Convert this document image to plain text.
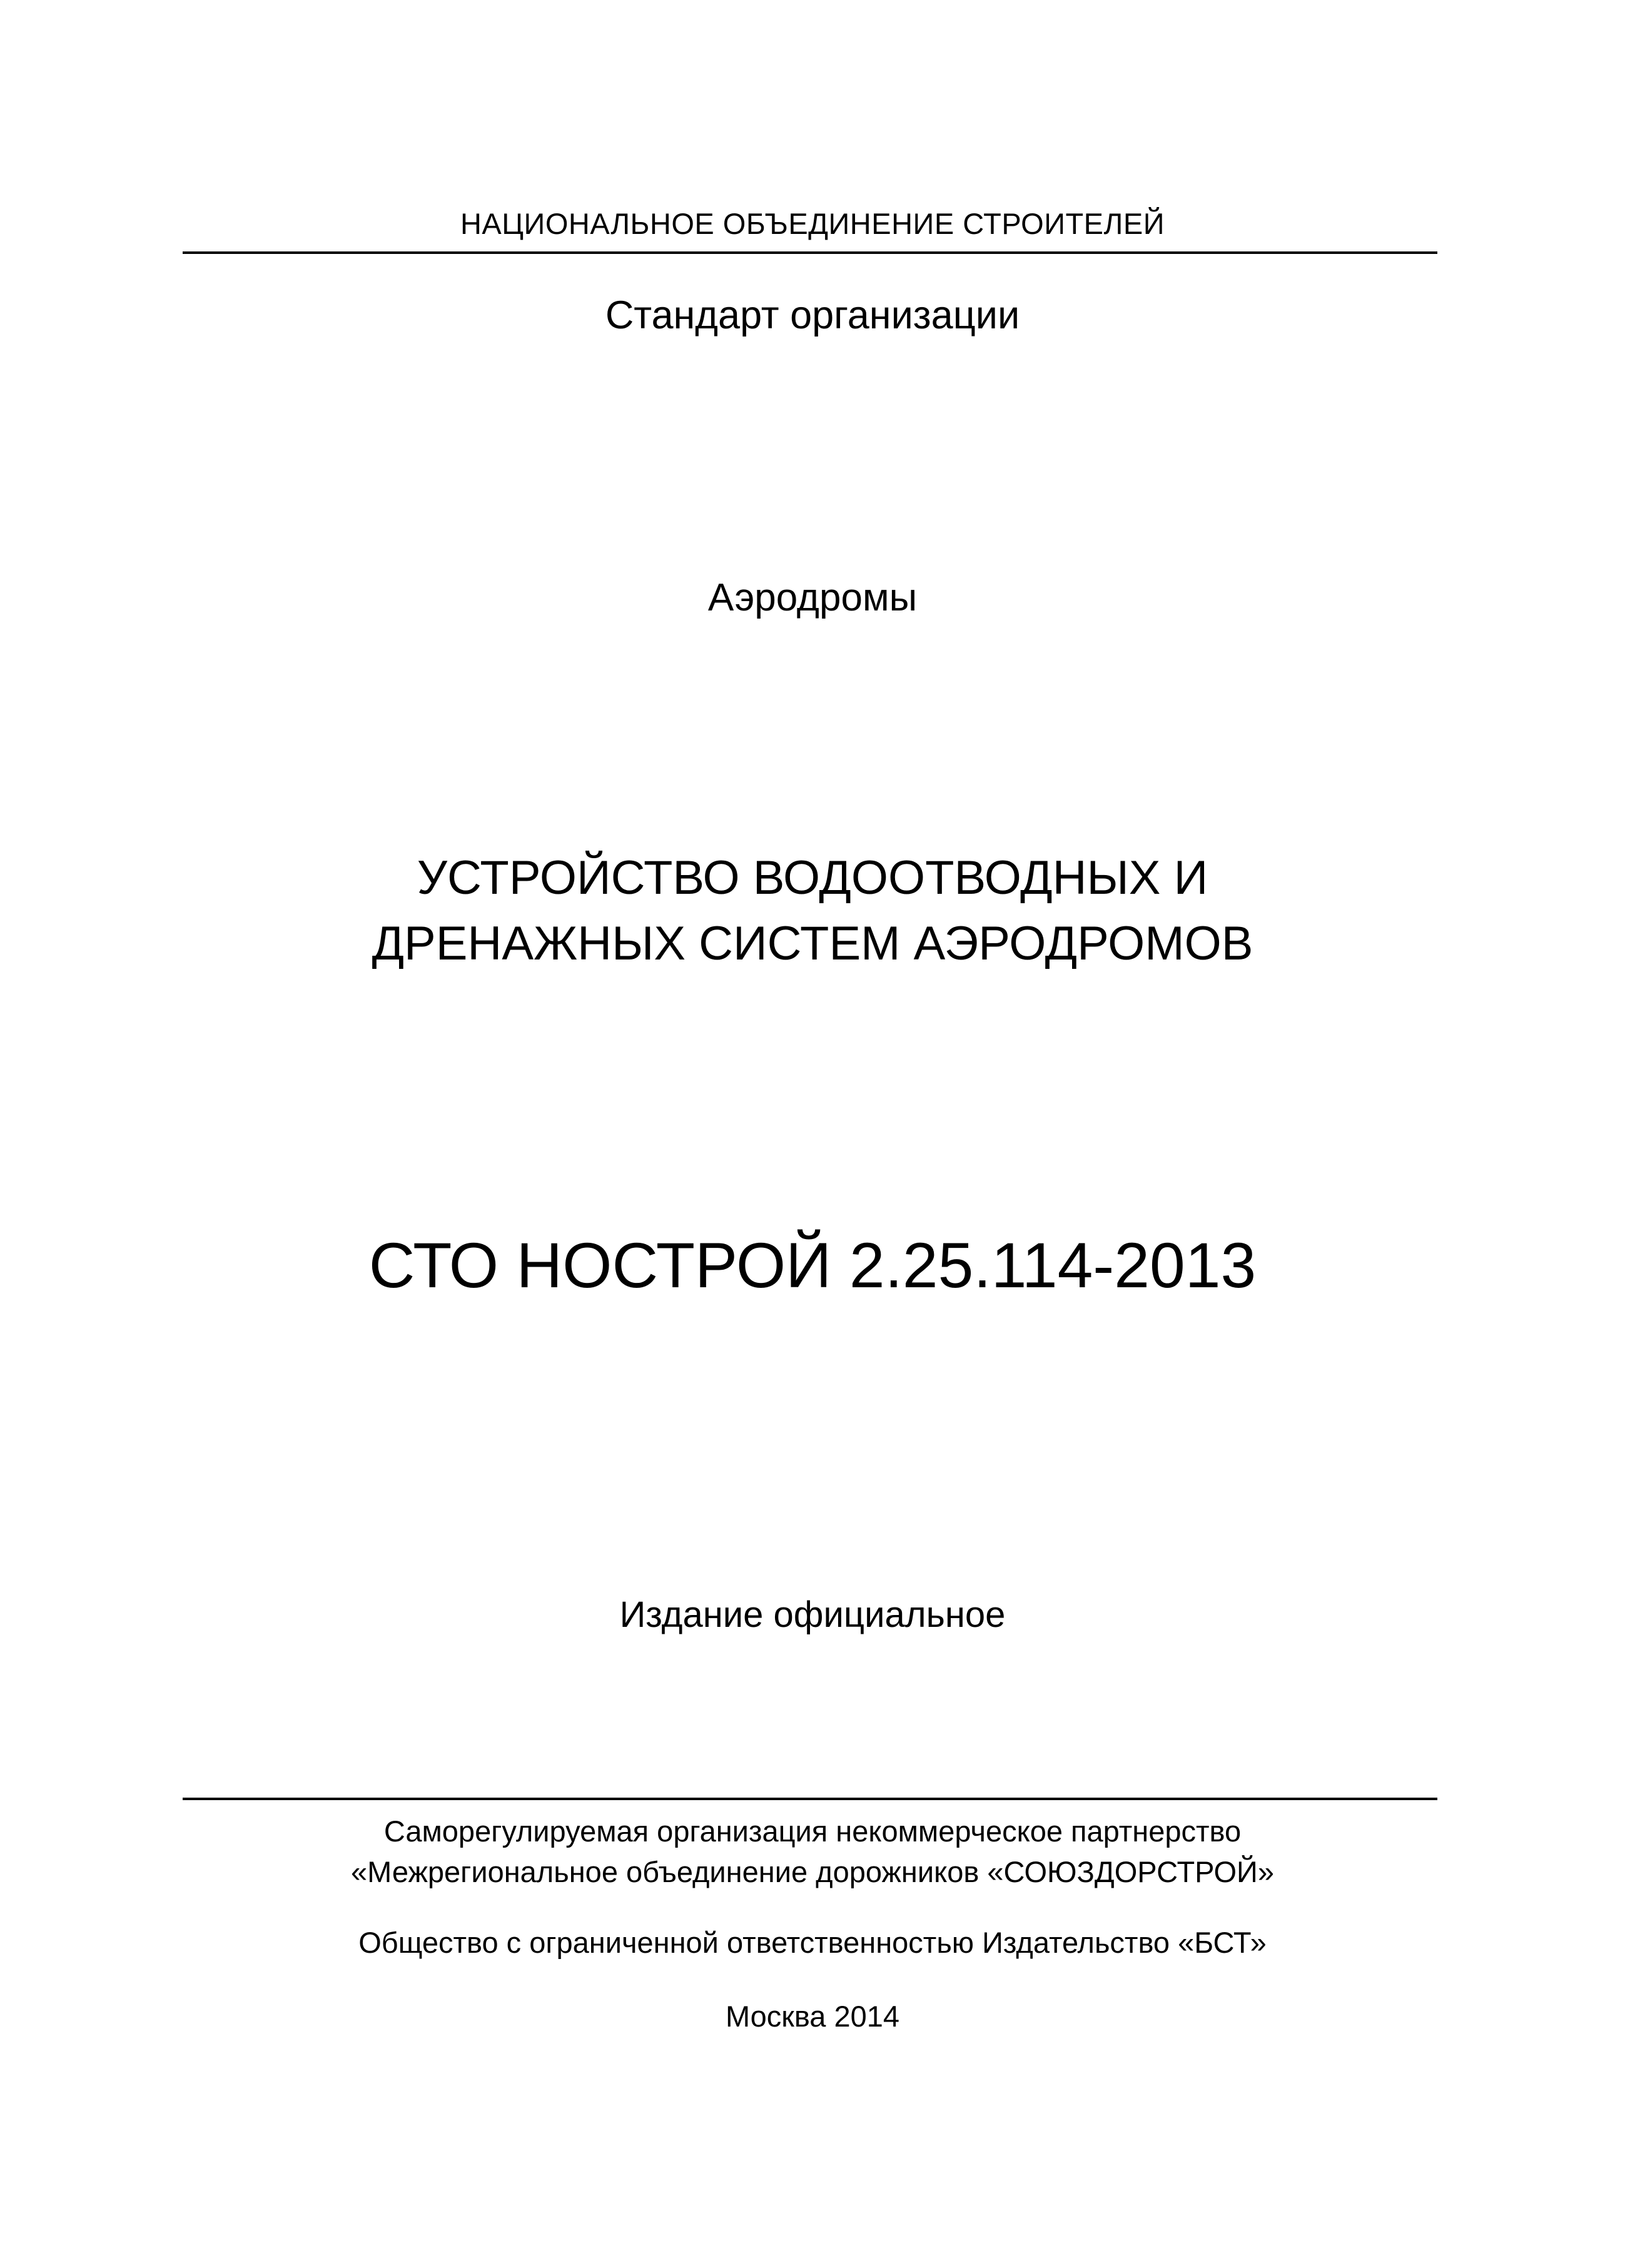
НАЦИОНАЛЬНОЕ ОБЪЕДИНЕНИЕ СТРОИТЕЛЕЙ
Стандарт организации
Аэродромы
УСТРОЙСТВО ВОДООТВОДНЫХ И
ДРЕНАЖНЫХ СИСТЕМ АЭРОДРОМОВ
СТО НОСТРОЙ 2.25.114-2013
Издание официальное
Саморегулируемая организация некоммерческое партнерство
«Межрегиональное объединение дорожников «СОЮЗДОРСТРОЙ»
Общество с ограниченной ответственностью Издательство «БСТ»
Москва 2014
